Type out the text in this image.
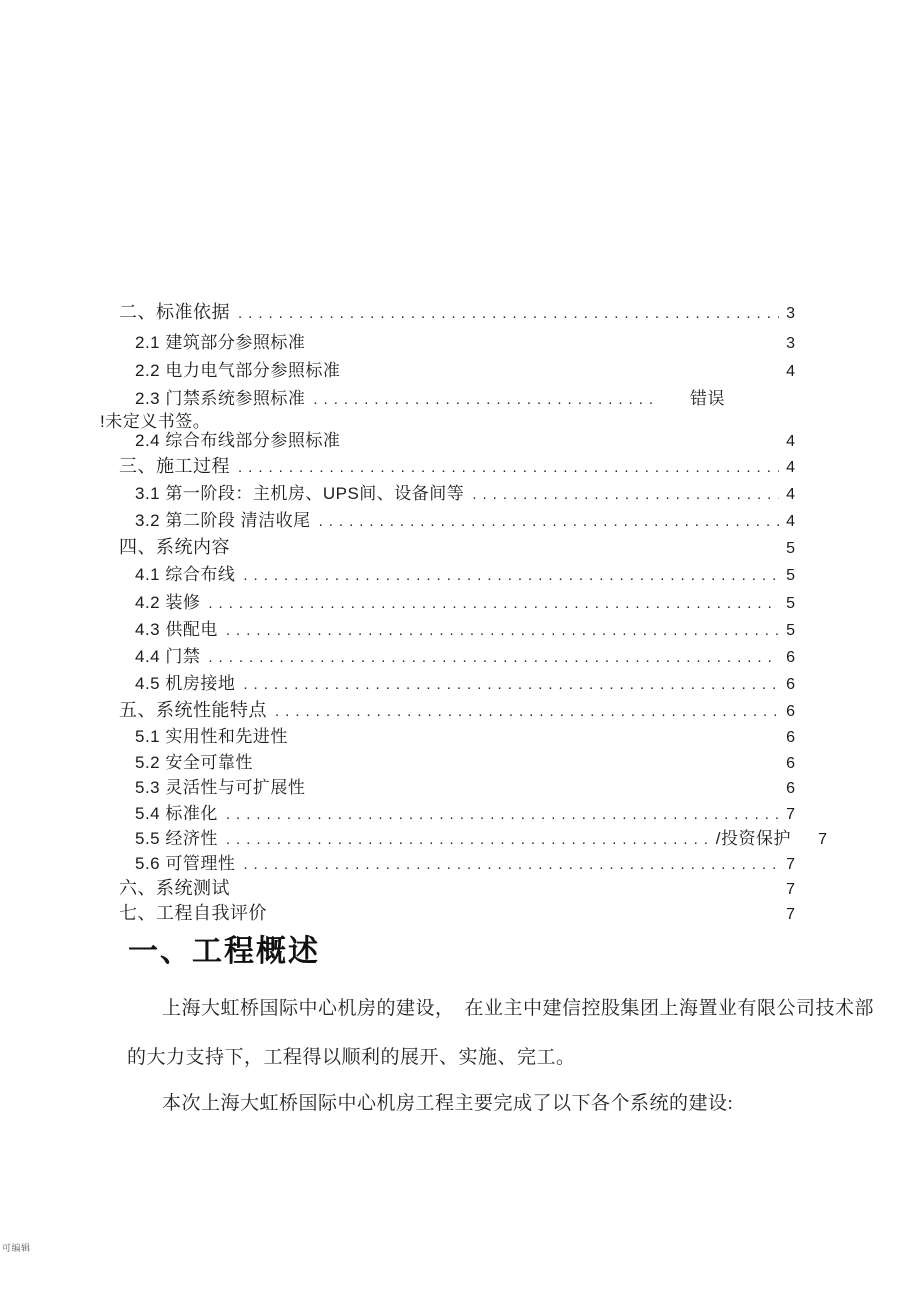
二、标准依据 .....	3
2.1 建筑部分参照标准	3
2.2 电力电气部分参照标准	4
2.3 门禁系统参照标准 .....	错误
!未定义书签。
2.4 综合布线部分参照标准	4
三、施工过程 .....	4
3.1 第一阶段：主机房、UPS间、设备间等 .....	4
3.2 第二阶段 清洁收尾 .....	4
四、系统内容	5
4.1 综合布线 .....	5
4.2 装修 .....	5
4.3 供配电 .....	5
4.4 门禁 .....	6
4.5 机房接地 .....	6
五、系统性能特点 .....	6
5.1 实用性和先进性	6
5.2 安全可靠性	6
5.3 灵活性与可扩展性	6
5.4 标准化 .....	7
5.5 经济性 .....	/投资保护 7
5.6 可管理性 .....	7
六、系统测试	7
七、工程自我评价	7
一、工程概述
上海大虹桥国际中心机房的建设，　在业主中建信控股集团上海置业有限公司技术部
的大力支持下，工程得以顺利的展开、实施、完工。
本次上海大虹桥国际中心机房工程主要完成了以下各个系统的建设:
可编辑
